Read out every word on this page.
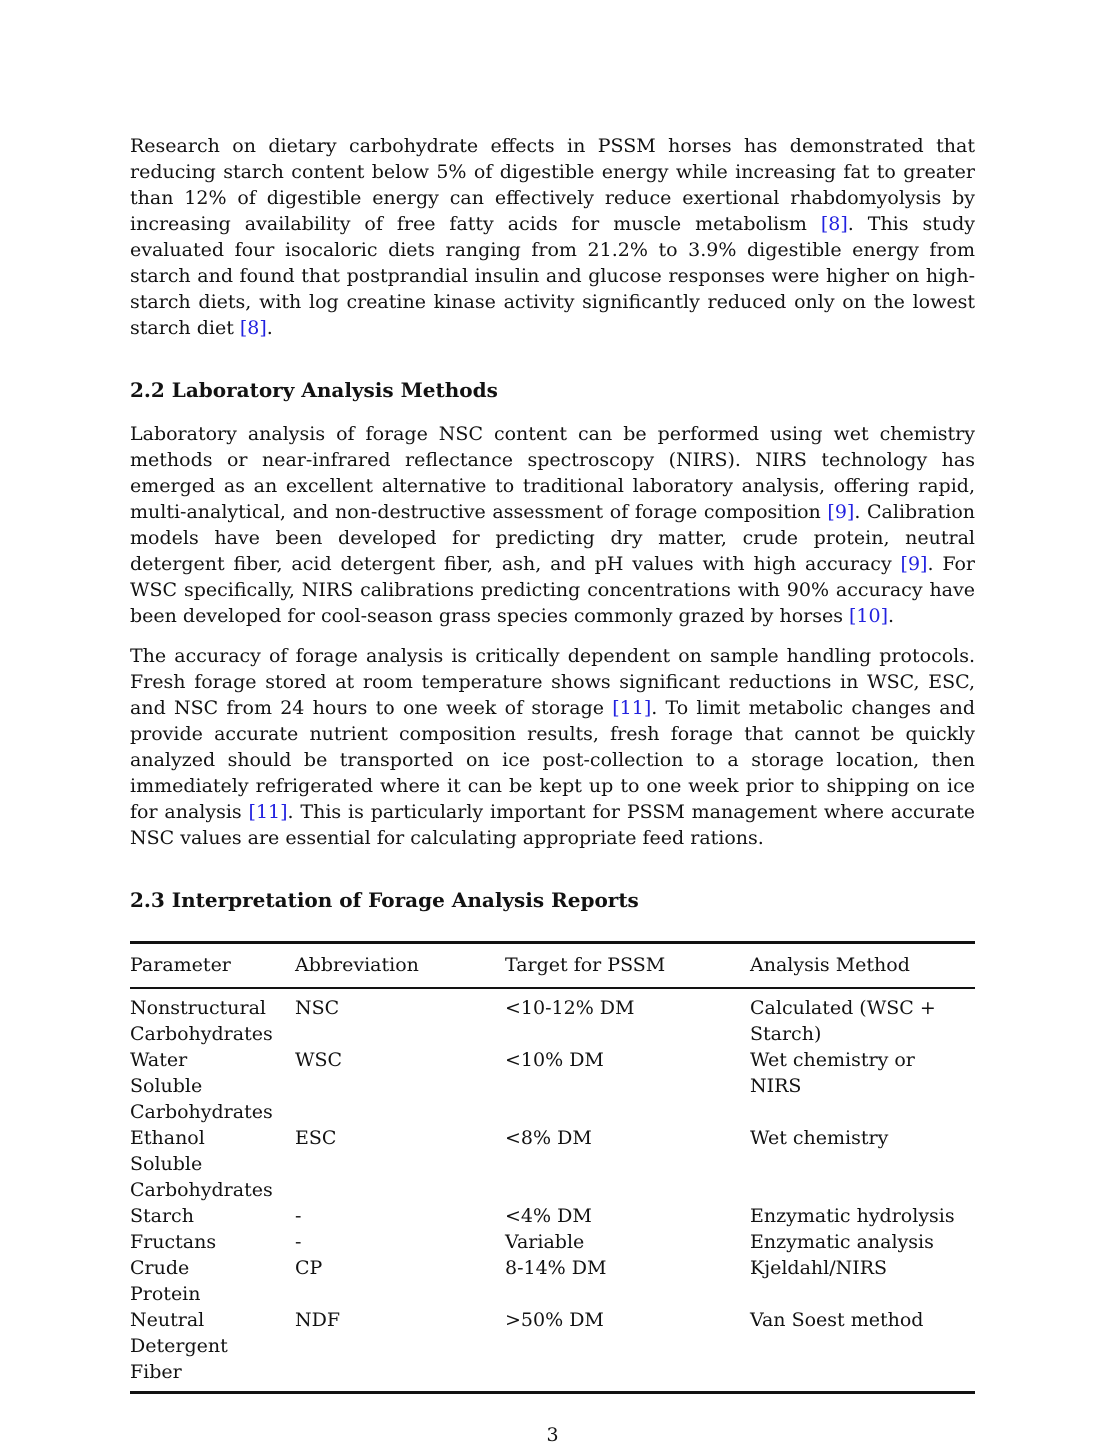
Research on dietary carbohydrate effects in PSSM horses has demonstrated that reducing starch content below 5% of digestible energy while increasing fat to greater than 12% of digestible energy can effectively reduce exertional rhabdomyolysis by increasing availability of free fatty acids for muscle metabolism [8]. This study evaluated four isocaloric diets ranging from 21.2% to 3.9% digestible energy from starch and found that postprandial insulin and glucose responses were higher on high-starch diets, with log creatine kinase activity significantly reduced only on the lowest starch diet [8].

2.2 Laboratory Analysis Methods

Laboratory analysis of forage NSC content can be performed using wet chemistry methods or near-infrared reflectance spectroscopy (NIRS). NIRS technology has emerged as an excellent alternative to traditional laboratory analysis, offering rapid, multi-analytical, and non-destructive assessment of forage composition [9]. Calibration models have been developed for predicting dry matter, crude protein, neutral detergent fiber, acid detergent fiber, ash, and pH values with high accuracy [9]. For WSC specifically, NIRS calibrations predicting concentrations with 90% accuracy have been developed for cool-season grass species commonly grazed by horses [10].

The accuracy of forage analysis is critically dependent on sample handling protocols. Fresh forage stored at room temperature shows significant reductions in WSC, ESC, and NSC from 24 hours to one week of storage [11]. To limit metabolic changes and provide accurate nutrient composition results, fresh forage that cannot be quickly analyzed should be transported on ice post-collection to a storage location, then immediately refrigerated where it can be kept up to one week prior to shipping on ice for analysis [11]. This is particularly important for PSSM management where accurate NSC values are essential for calculating appropriate feed rations.

2.3 Interpretation of Forage Analysis Reports
Parameter	Abbreviation	Target for PSSM	Analysis Method
Nonstructural Carbohydrates	NSC	<10-12% DM	Calculated (WSC + Starch)
Water Soluble Carbohydrates	WSC	<10% DM	Wet chemistry or NIRS
Ethanol Soluble Carbohydrates	ESC	<8% DM	Wet chemistry
Starch	-	<4% DM	Enzymatic hydrolysis
Fructans	-	Variable	Enzymatic analysis
Crude Protein	CP	8-14% DM	Kjeldahl/NIRS
Neutral Detergent Fiber	NDF	>50% DM	Van Soest method
3
